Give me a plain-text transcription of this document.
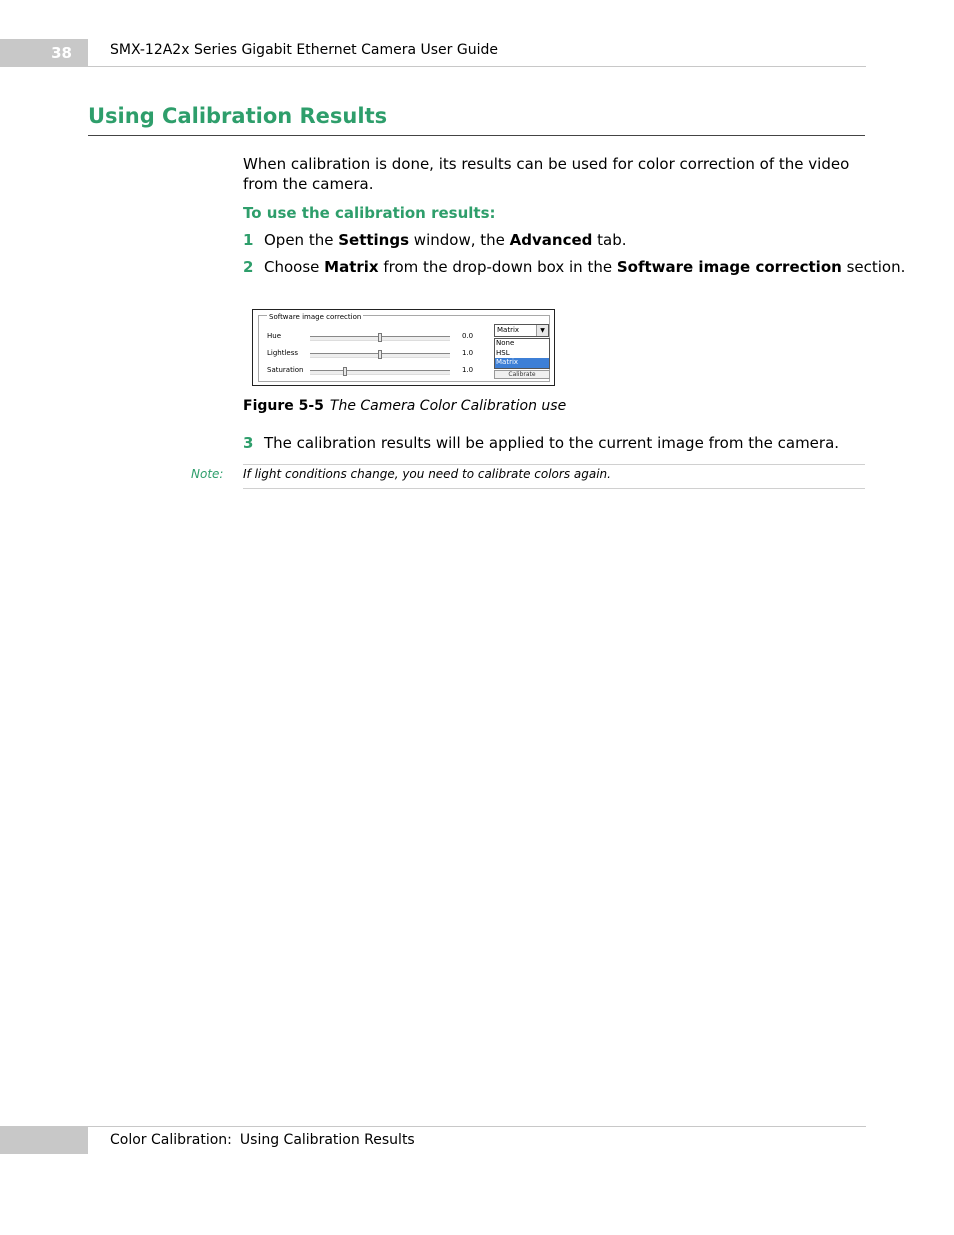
38	SMX-12A2x Series Gigabit Ethernet Camera User Guide
Using Calibration Results
When calibration is done, its results can be used for color correction of the video from the camera.
To use the calibration results:
1 Open the Settings window, the Advanced tab.
2 Choose Matrix from the drop-down box in the Software image correction section.
Software image correction
Hue	0.0
Lightless	1.0
Saturation	1.0
Matrix	▼
Calibrate
None
HSL
Matrix
Figure 5-5 The Camera Color Calibration use
3 The calibration results will be applied to the current image from the camera.
Note: If light conditions change, you need to calibrate colors again.
Color Calibration: Using Calibration Results
